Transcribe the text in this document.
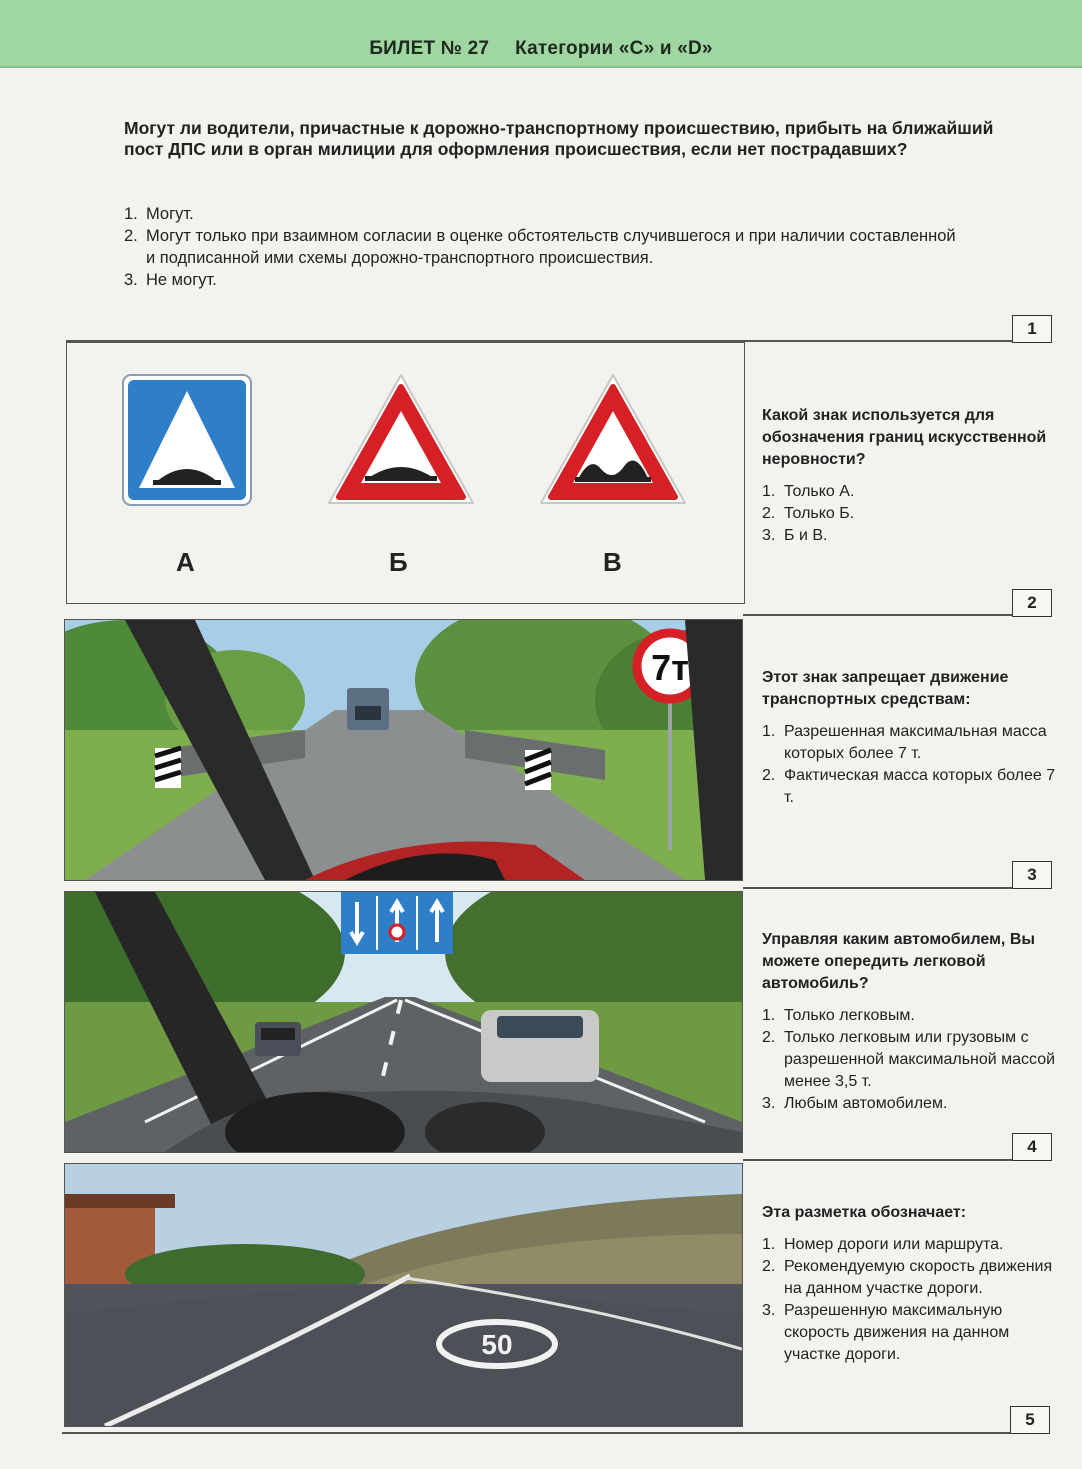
БИЛЕТ № 27 Категории «С» и «D»
Могут ли водители, причастные к дорожно-транспортному происшествию, прибыть на ближайший пост ДПС или в орган милиции для оформления происшествия, если нет пострадавших?
1. Могут.
2. Могут только при взаимном согласии в оценке обстоятельств случившегося и при наличии составленной и подписанной ими схемы дорожно-транспортного происшествия.
3. Не могут.
1
А	Б	В
Какой знак используется для обозначения границ искусственной неровности?
1. Только А.
2. Только Б.
3. Б и В.
2
7т	Этот знак запрещает движение транспортных средствам:
1. Разрешенная максимальная масса которых более 7 т.
2. Фактическая масса которых более 7 т.
3
Управляя каким автомобилем, Вы можете опередить легковой автомобиль?
1. Только легковым.
2. Только легковым или грузовым с разрешенной максимальной массой менее 3,5 т.
3. Любым автомобилем.
4
50
Эта разметка обозначает:
1. Номер дороги или маршрута.
2. Рекомендуемую скорость движения на данном участке дороги.
3. Разрешенную максимальную скорость движения на данном участке дороги.
5
